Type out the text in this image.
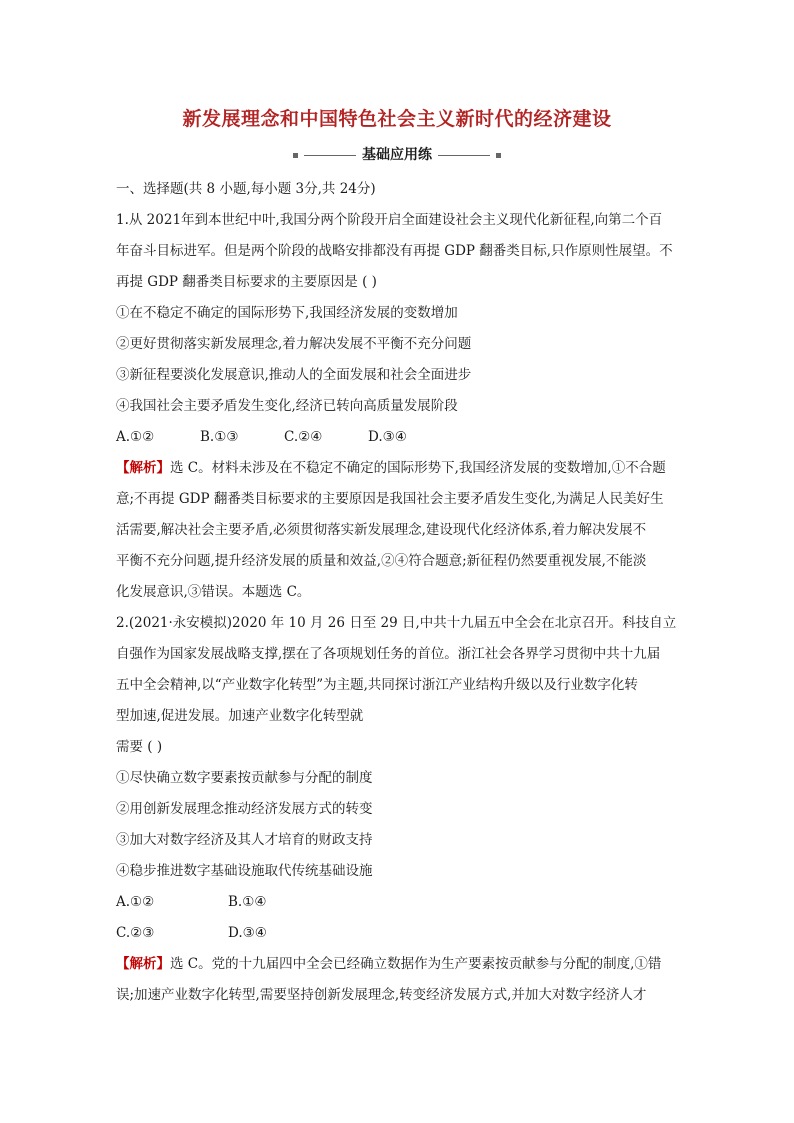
新发展理念和中国特色社会主义新时代的经济建设
基础应用练
一、选择题(共 8 小题,每小题 3分,共 24分)

1.从 2021年到本世纪中叶,我国分两个阶段开启全面建设社会主义现代化新征程,向第二个百

年奋斗目标进军。但是两个阶段的战略安排都没有再提 GDP 翻番类目标,只作原则性展望。不

再提 GDP 翻番类目标要求的主要原因是 ( )

①在不稳定不确定的国际形势下,我国经济发展的变数增加

②更好贯彻落实新发展理念,着力解决发展不平衡不充分问题

③新征程要淡化发展意识,推动人的全面发展和社会全面进步

④我国社会主要矛盾发生变化,经济已转向高质量发展阶段

A.①②	B.①③	C.②④	D.③④

【解析】选 C。材料未涉及在不稳定不确定的国际形势下,我国经济发展的变数增加,①不合题

意;不再提 GDP 翻番类目标要求的主要原因是我国社会主要矛盾发生变化,为满足人民美好生

活需要,解决社会主要矛盾,必须贯彻落实新发展理念,建设现代化经济体系,着力解决发展不

平衡不充分问题,提升经济发展的质量和效益,②④符合题意;新征程仍然要重视发展,不能淡

化发展意识,③错误。本题选 C。

2.(2021·永安模拟)2020 年 10 月 26 日至 29 日,中共十九届五中全会在北京召开。科技自立

自强作为国家发展战略支撑,摆在了各项规划任务的首位。浙江社会各界学习贯彻中共十九届

五中全会精神,以“产业数字化转型”为主题,共同探讨浙江产业结构升级以及行业数字化转

型加速,促进发展。加速产业数字化转型就

需要 ( )

①尽快确立数字要素按贡献参与分配的制度

②用创新发展理念推动经济发展方式的转变

③加大对数字经济及其人才培育的财政支持

④稳步推进数字基础设施取代传统基础设施

A.①②	B.①④
C.②③	D.③④

【解析】选 C。党的十九届四中全会已经确立数据作为生产要素按贡献参与分配的制度,①错

误;加速产业数字化转型,需要坚持创新发展理念,转变经济发展方式,并加大对数字经济人才
